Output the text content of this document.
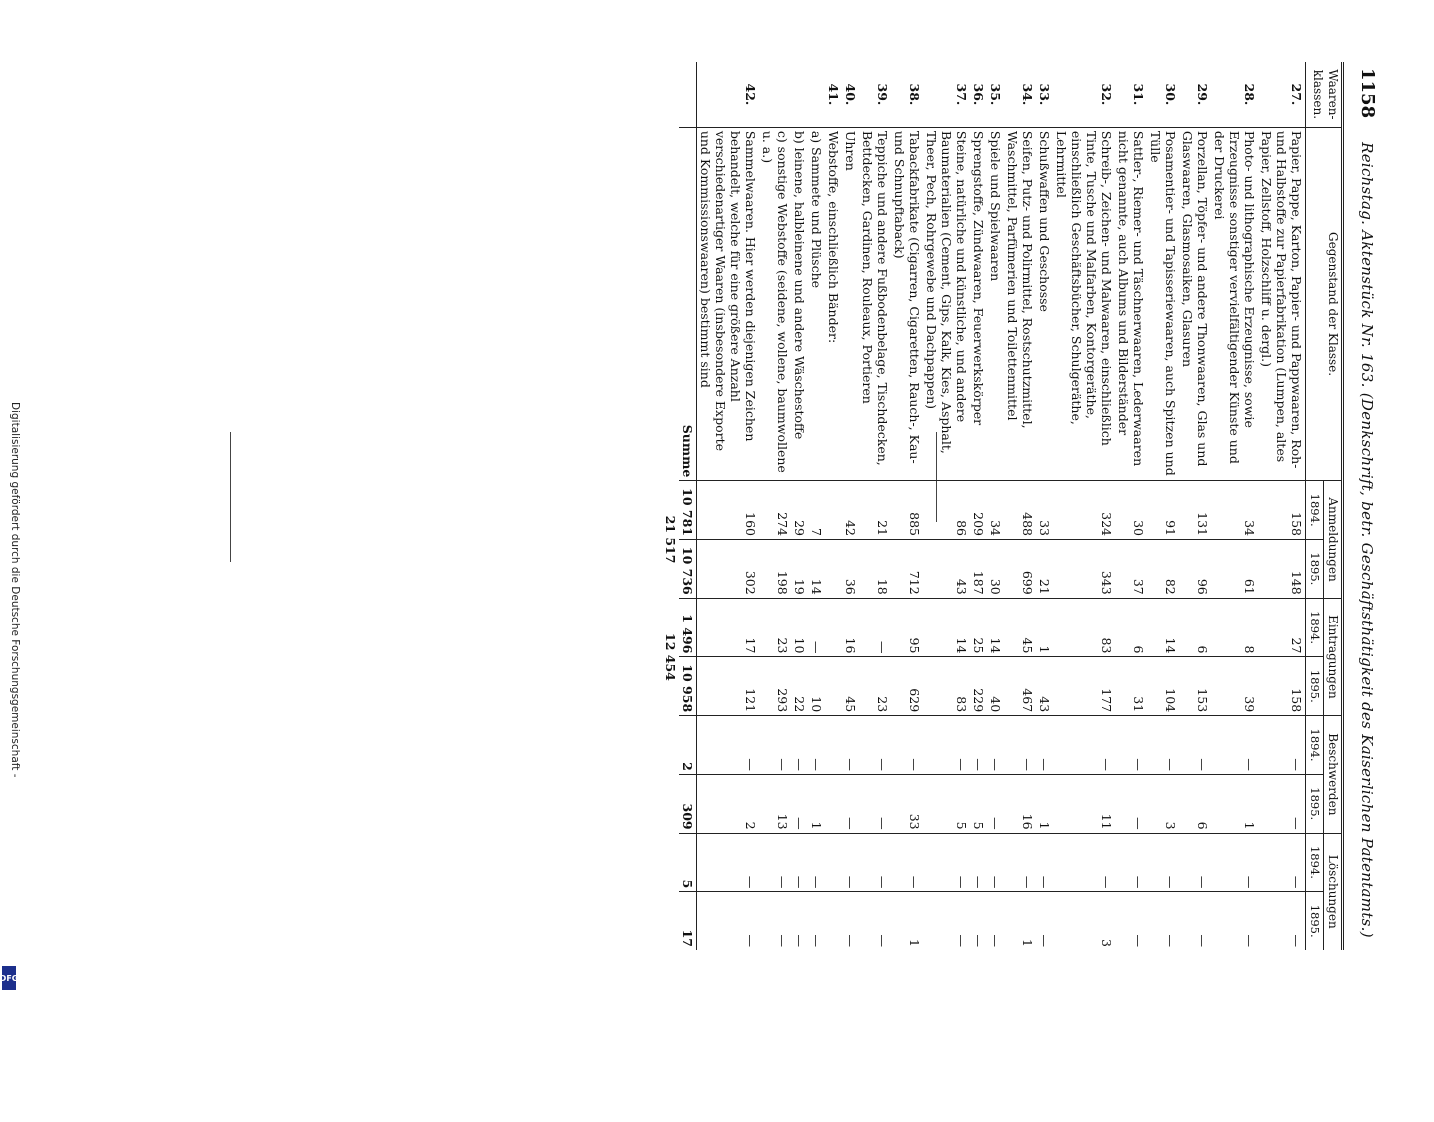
Digitalisierung gefördert durch die Deutsche Forschungsgemeinschaft -
DFG
1158
Reichstag. Aktenstück Nr. 163. (Denkschrift, betr. Geschäftsthätigkeit des Kaiserlichen Patentamts.)
Waaren-klassen.	Gegenstand der Klasse.	Anmeldungen		Eintragungen		Beschwerden		Löschungen	
		1894.	1895.	1894.	1895.	1894.	1895.	1894.	1895.
27.	Papier, Pappe, Karton, Papier- und Pappwaaren, Roh- und Halbstoffe zur Papierfabrikation (Lumpen, altes Papier, Zellstoff, Holzschliff u. dergl.)	158	148	27	158	—	—	—	—
28.	Photo- und lithographische Erzeugnisse, sowie Erzeugnisse sonstiger vervielfältigender Künste und der Druckerei	34	61	8	39	—	1	—	—
29.	Porzellan, Töpfer- und andere Thonwaaren, Glas und Glaswaaren, Glasmosaiken, Glasuren	131	96	6	153	—	6	—	—
30.	Posamentier- und Tapisseriewaaren, auch Spitzen und Tülle	91	82	14	104	—	3	—	—
31.	Sattler-, Riemer- und Täschnerwaaren, Lederwaaren nicht genannte, auch Albums und Bilderständer	30	37	6	31	—	—	—	—
32.	Schreib-, Zeichen- und Malwaaren, einschließlich Tinte, Tusche und Malfarben, Kontorgeräthe, einschließlich Geschäftsbücher, Schulgeräthe, Lehrmittel	324	343	83	177	—	11	—	3
33.	Schußwaffen und Geschosse	33	21	1	43	—	1	—	—
34.	Seifen, Putz- und Polirmittel, Rostschutzmittel, Waschmittel, Parfümerien und Toilettenmittel	488	699	45	467	—	16	—	1
35.	Spiele und Spielwaaren	34	30	14	40	—	—	—	—
36.	Sprengstoffe, Zündwaaren, Feuerwerkskörper	209	187	25	229	—	5	—	—
37.	Steine, natürliche und künstliche, und andere Baumaterialien (Cement, Gips, Kalk, Kies, Asphalt, Theer, Pech, Rohrgewebe und Dachpappen)	86	43	14	83	—	5	—	—
38.	Tabackfabrikate (Cigarren, Cigaretten, Rauch-, Kau- und Schnupftaback)	885	712	95	629	—	33	—	1
39.	Teppiche und andere Fußbodenbelage, Tischdecken, Bettdecken, Gardinen, Rouleaux, Portieren	21	18	—	23	—	—	—	—
40.	Uhren	42	36	16	45	—	—	—	—
41.	Webstoffe, einschließlich Bänder:								
	a) Sammete und Plüsche	7	14	—	10	—	1	—	—
	b) leinene, halbleinene und andere Wäschestoffe	29	19	10	22	—	—	—	—
	c) sonstige Webstoffe (seidene, wollene, baumwollene u. a.)	274	198	23	293	—	13	—	—
42.	Sammelwaaren. Hier werden diejenigen Zeichen behandelt, welche für eine größere Anzahl verschiedenartiger Waaren (insbesondere Exporte und Kommissionswaaren) bestimmt sind	160	302	17	121	—	2	—	—
	Summe	10 781	10 736	1 496	10 958	2	309	5	17
		21 517		12 454					
